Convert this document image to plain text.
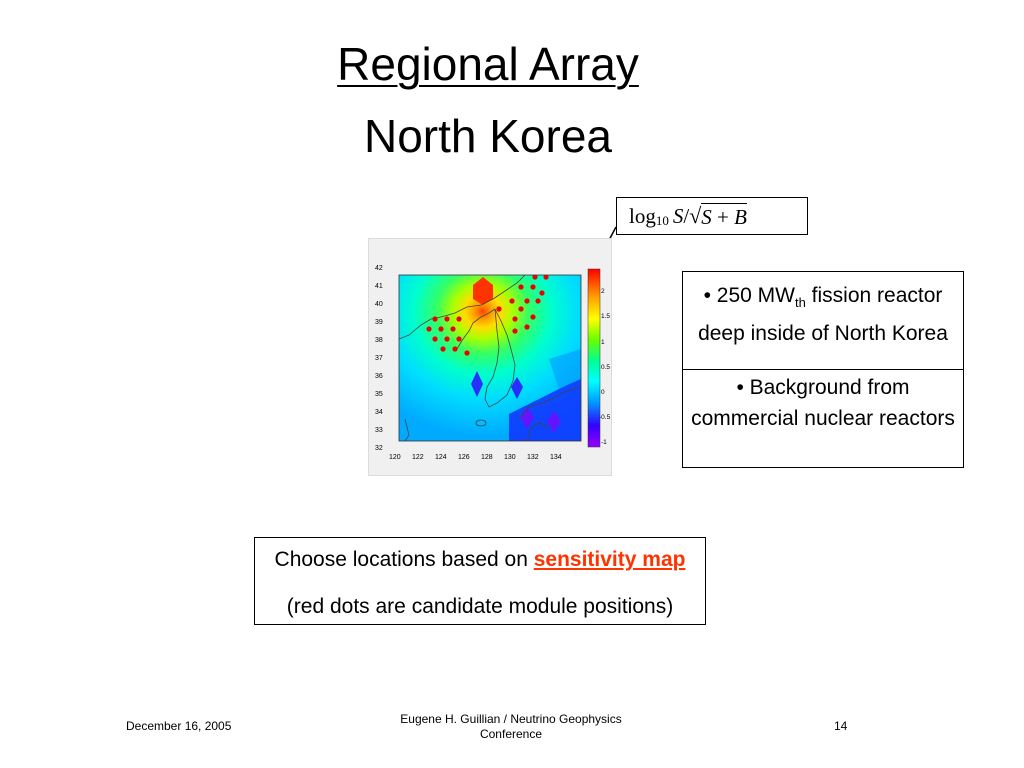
Regional Array
North Korea
log 10 S / √ S + B
42
41
40
39
38
37
36
35
34
33
32
120 122 124 126 128 130 132 134
2
1.5
1
0.5
0
-0.5
-1
• 250 $MW_{th}$ fission reactor deep inside of North Korea
• Background from commercial nuclear reactors
Choose locations based on sensitivity map
(red dots are candidate module positions)
December 16, 2005	Eugene H. Guillian / Neutrino Geophysics
Conference
14
